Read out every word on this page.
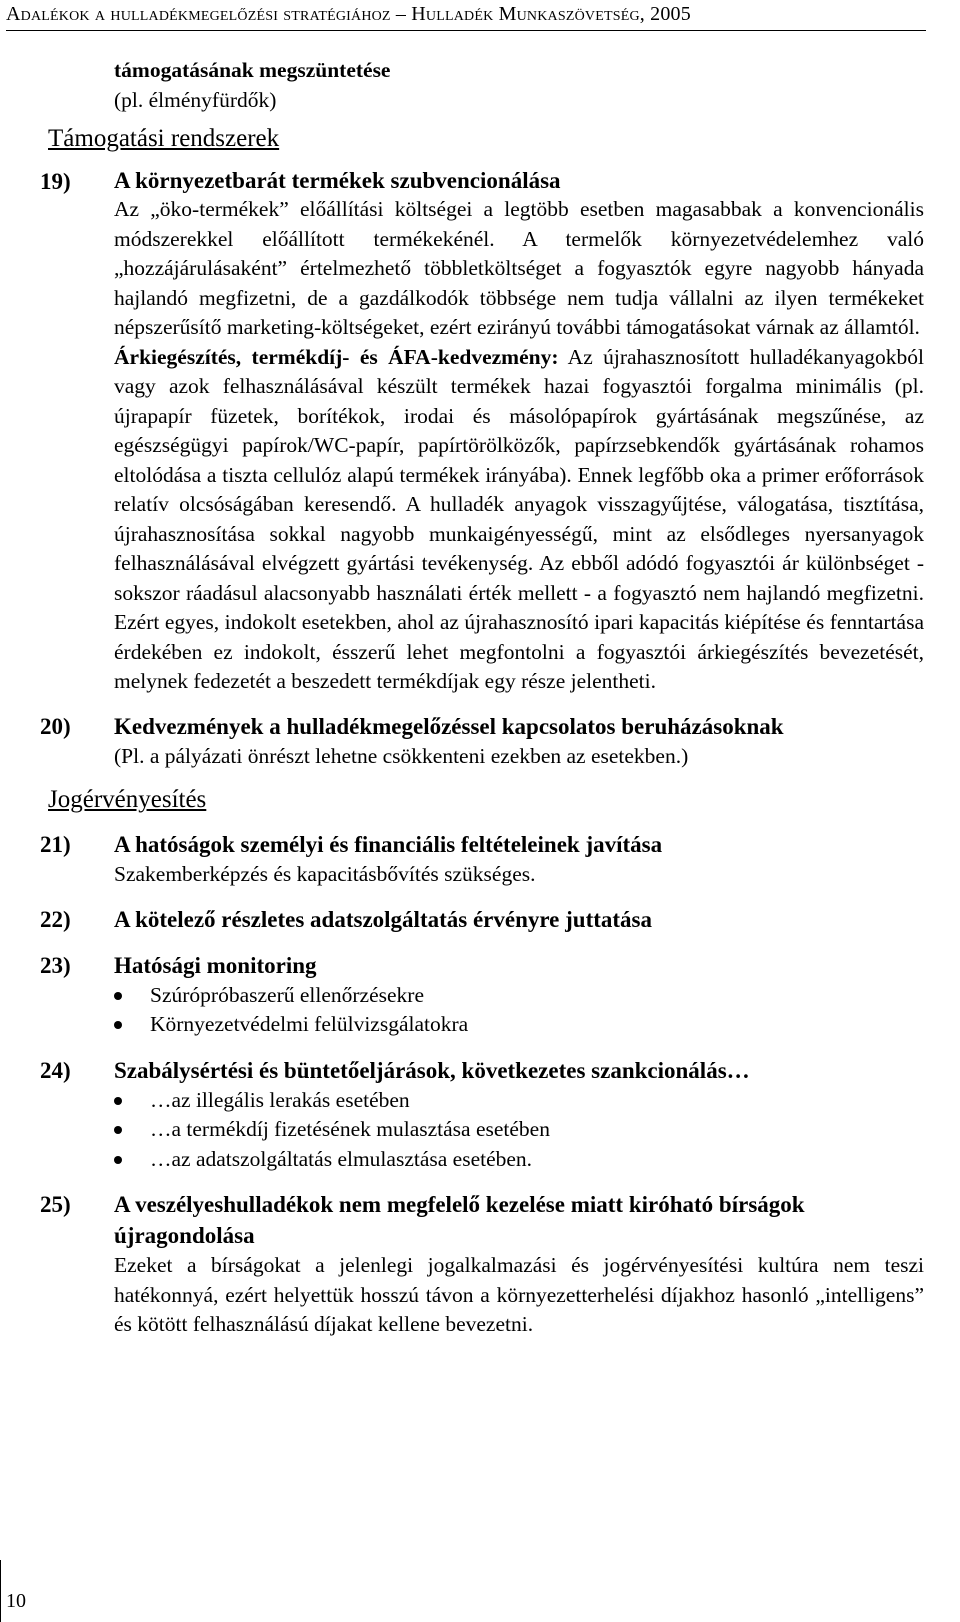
Adalékok a hulladékmegelőzési stratégiához – Hulladék Munkaszövetség, 2005
támogatásának megszüntetése
(pl. élményfürdők)
Támogatási rendszerek
19) A környezetbarát termékek szubvencionálása
Az „öko-termékek” előállítási költségei a legtöbb esetben magasabbak a konvencionális módszerekkel előállított termékekénél. A termelők környezetvédelemhez való „hozzájárulásaként” értelmezhető többletköltséget a fogyasztók egyre nagyobb hányada hajlandó megfizetni, de a gazdálkodók többsége nem tudja vállalni az ilyen termékeket népszerűsítő marketing-költségeket, ezért ezirányú további támogatásokat várnak az államtól.
Árkiegészítés, termékdíj- és ÁFA-kedvezmény: Az újrahasznosított hulladékanyagokból vagy azok felhasználásával készült termékek hazai fogyasztói forgalma minimális (pl. újrapapír füzetek, borítékok, irodai és másolópapírok gyártásának megszűnése, az egészségügyi papírok/WC-papír, papírtörölközők, papírzsebkendők gyártásának rohamos eltolódása a tiszta cellulóz alapú termékek irányába). Ennek legfőbb oka a primer erőforrások relatív olcsóságában keresendő. A hulladék anyagok visszagyűjtése, válogatása, tisztítása, újrahasznosítása sokkal nagyobb munkaigényességű, mint az elsődleges nyersanyagok felhasználásával elvégzett gyártási tevékenység. Az ebből adódó fogyasztói ár különbséget - sokszor ráadásul alacsonyabb használati érték mellett - a fogyasztó nem hajlandó megfizetni. Ezért egyes, indokolt esetekben, ahol az újrahasznosító ipari kapacitás kiépítése és fenntartása érdekében ez indokolt, ésszerű lehet megfontolni a fogyasztói árkiegészítés bevezetését, melynek fedezetét a beszedett termékdíjak egy része jelentheti.
20) Kedvezmények a hulladékmegelőzéssel kapcsolatos beruházásoknak
(Pl. a pályázati önrészt lehetne csökkenteni ezekben az esetekben.)
Jogérvényesítés
21) A hatóságok személyi és financiális feltételeinek javítása
Szakemberképzés és kapacitásbővítés szükséges.
22) A kötelező részletes adatszolgáltatás érvényre juttatása
23) Hatósági monitoring
Szúrópróbaszerű ellenőrzésekre
Környezetvédelmi felülvizsgálatokra
24) Szabálysértési és büntetőeljárások, következetes szankcionálás…
…az illegális lerakás esetében
…a termékdíj fizetésének mulasztása esetében
…az adatszolgáltatás elmulasztása esetében.
25) A veszélyeshulladékok nem megfelelő kezelése miatt kiróható bírságok újragondolása
Ezeket a bírságokat a jelenlegi jogalkalmazási és jogérvényesítési kultúra nem teszi hatékonnyá, ezért helyettük hosszú távon a környezetterhelési díjakhoz hasonló „intelligens” és kötött felhasználású díjakat kellene bevezetni.
10
